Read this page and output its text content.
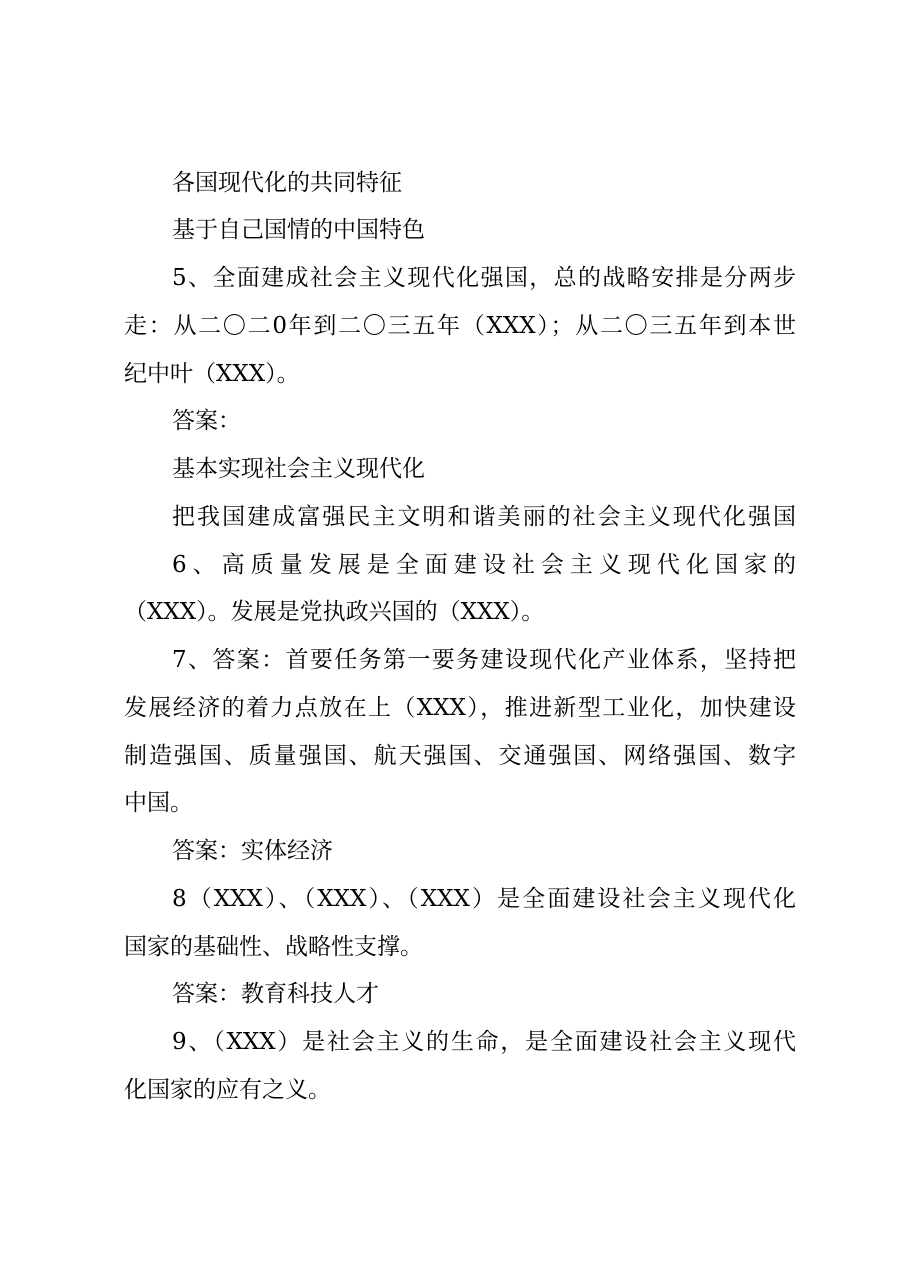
各国现代化的共同特征
基于自己国情的中国特色
5、全面建成社会主义现代化强国，总的战略安排是分两步
走：从二〇二0年到二〇三五年（XXX）；从二〇三五年到本世
纪中叶（XXX）。
答案：
基本实现社会主义现代化
把我国建成富强民主文明和谐美丽的社会主义现代化强国
6、高质量发展是全面建设社会主义现代化国家的
（XXX）。发展是党执政兴国的（XXX）。
7、答案：首要任务第一要务建设现代化产业体系，坚持把
发展经济的着力点放在上（XXX），推进新型工业化，加快建设
制造强国、质量强国、航天强国、交通强国、网络强国、数字
中国。
答案：实体经济
8（XXX）、（XXX）、（XXX）是全面建设社会主义现代化
国家的基础性、战略性支撑。
答案：教育科技人才
9、（XXX）是社会主义的生命，是全面建设社会主义现代
化国家的应有之义。
